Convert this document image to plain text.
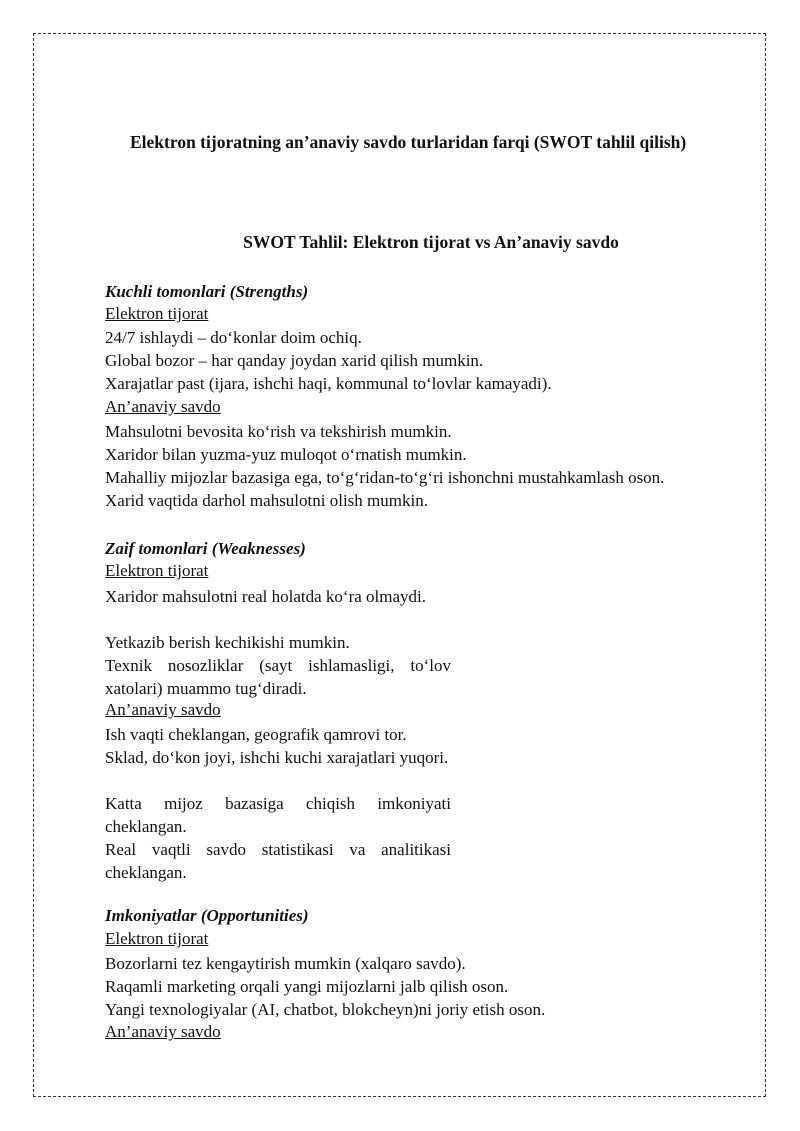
Elektron tijoratning an’anaviy savdo turlaridan farqi (SWOT tahlil qilish)
SWOT Tahlil: Elektron tijorat vs An’anaviy savdo

Kuchli tomonlari (Strengths)

Elektron tijorat

24/7 ishlaydi – do‘konlar doim ochiq.

Global bozor – har qanday joydan xarid qilish mumkin.

Xarajatlar past (ijara, ishchi haqi, kommunal to‘lovlar kamayadi).

An’anaviy savdo

Mahsulotni bevosita ko‘rish va tekshirish mumkin.

Xaridor bilan yuzma-yuz muloqot o‘rnatish mumkin.

Mahalliy mijozlar bazasiga ega, to‘g‘ridan-to‘g‘ri ishonchni mustahkamlash oson.

Xarid vaqtida darhol mahsulotni olish mumkin.

Zaif tomonlari (Weaknesses)

Elektron tijorat

Xaridor mahsulotni real holatda ko‘ra olmaydi.

Yetkazib berish kechikishi mumkin.

Texnik nosozliklar (sayt ishlamasligi, to‘lov xatolari) muammo tug‘diradi.

An’anaviy savdo

Ish vaqti cheklangan, geografik qamrovi tor.

Sklad, do‘kon joyi, ishchi kuchi xarajatlari yuqori.

Katta mijoz bazasiga chiqish imkoniyati cheklangan.

Real vaqtli savdo statistikasi va analitikasi cheklangan.

Imkoniyatlar (Opportunities)

Elektron tijorat

Bozorlarni tez kengaytirish mumkin (xalqaro savdo).

Raqamli marketing orqali yangi mijozlarni jalb qilish oson.

Yangi texnologiyalar (AI, chatbot, blokcheyn)ni joriy etish oson.

An’anaviy savdo
